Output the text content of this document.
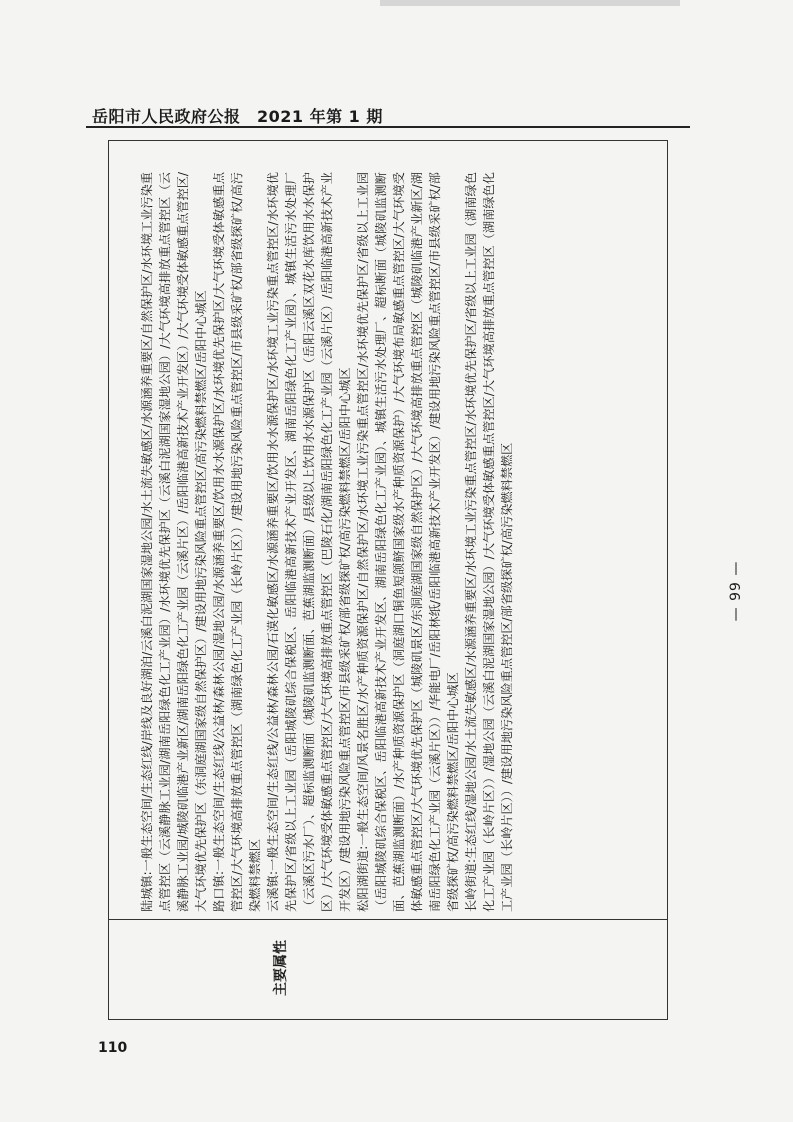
岳阳市人民政府公报　2021 年第 1 期
主要属性
陆城镇:一般生态空间/生态红线/岸线及良好湖泊/云溪白泥湖国家湿地公园/水土流失敏感区/水源涵养重要区/自然保护区/水环境工业污染重点管控区（云溪静脉工业园/湖南岳阳绿色化工产业园）/水环境优先保护区（云溪白泥湖国家湿地公园）/大气环境高排放重点管控区（云溪静脉工业园/城陵矶临港产业新区/湖南岳阳绿色化工产业园（云溪片区）/岳阳临港高新技术产业开发区）/大气环境受体敏感重点管控区/大气环境优先保护区（东洞庭湖国家级自然保护区）/建设用地污染风险重点管控区/高污染燃料禁燃区/岳阳中心城区 路口镇:一般生态空间/生态红线/公益林/森林公园/湿地公园/水源涵养重要区/饮用水水源保护区/水环境优先保护区/大气环境受体敏感重点管控区/大气环境高排放重点管控区（湖南绿色化工产业园（长岭片区））/建设用地污染风险重点管控区/市县级采矿权/部省级探矿权/高污染燃料禁燃区 云溪镇:一般生态空间/生态红线/公益林/森林公园/石漠化敏感区/水源涵养重要区/饮用水水源保护区/水环境工业污染重点管控区/水环境优先保护区/省级以上工业园（岳阳城陵矶综合保税区、岳阳临港高新技术产业开发区、湖南岳阳绿色化工产业园）、城镇生活污水处理厂（云溪区污水厂）、超标监测断面（城陵矶监测断面、芭蕉湖监测断面）/县级以上饮用水水源保护区（岳阳云溪区双花水库饮用水水保护区）/大气环境受体敏感重点管控区/大气环境高排放重点管控区（巴陵石化/湖南岳阳绿色化工产业园（云溪片区）/岳阳临港高新技术产业开发区）/建设用地污染风险重点管控区/市县级采矿权/部省级探矿权/高污染燃料禁燃区/岳阳中心城区 松阳湖街道:一般生态空间/风景名胜区/水产种质资源保护区/自然保护区/水环境工业污染重点管控区/水环境优先保护区/省级以上工业园（岳阳城陵矶综合保税区、岳阳临港高新技术产业开发区、湖南岳阳绿色化工产业园）、城镇生活污水处理厂、超标断面（城陵矶监测断面、芭蕉湖监测断面）/水产种质资源保护区（洞庭湖口铜鱼短颌鲚国家级水产种质资源保护）/大气环境布局敏感重点管控区/大气环境受体敏感重点管控区/大气环境优先保护区（城陵矶景区/东洞庭湖国家级自然保护区）/大气环境高排放重点管控区（城陵矶临港产业新区/湖南岳阳绿色化工产业园（云溪片区））/华能电厂/岳阳林纸/岳阳临港高新技术产业开发区）/建设用地污染风险重点管控区/市县级采矿权/部省级探矿权/高污染燃料禁燃区/岳阳中心城区 长岭街道:生态红线/湿地公园/水土流失敏感区/水源涵养重要区/水环境工业污染重点管控区/水环境优先保护区/省级以上工业园（湖南绿色化工产业园（长岭片区））/湿地公园（云溪白泥湖国家湿地公园）/大气环境受体敏感重点管控区/大气环境高排放重点管控区（湖南绿色化工产业园（长岭片区））/建设用地污染风险重点管控区/部省级探矿权/高污染燃料禁燃区	— 99 —
110
